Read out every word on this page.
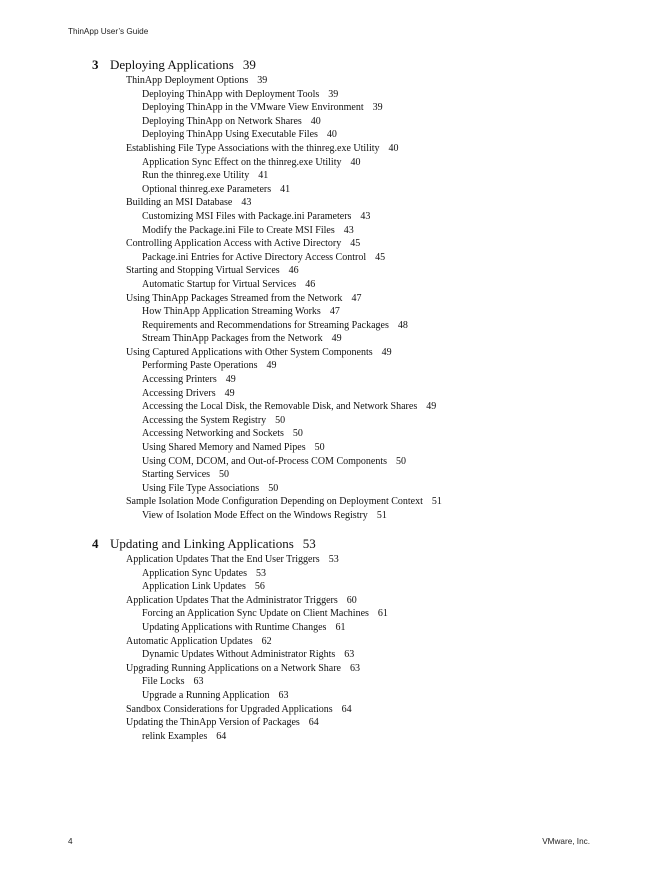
ThinApp User’s Guide
3 Deploying Applications 39
ThinApp Deployment Options 39
Deploying ThinApp with Deployment Tools 39
Deploying ThinApp in the VMware View Environment 39
Deploying ThinApp on Network Shares 40
Deploying ThinApp Using Executable Files 40
Establishing File Type Associations with the thinreg.exe Utility 40
Application Sync Effect on the thinreg.exe Utility 40
Run the thinreg.exe Utility 41
Optional thinreg.exe Parameters 41
Building an MSI Database 43
Customizing MSI Files with Package.ini Parameters 43
Modify the Package.ini File to Create MSI Files 43
Controlling Application Access with Active Directory 45
Package.ini Entries for Active Directory Access Control 45
Starting and Stopping Virtual Services 46
Automatic Startup for Virtual Services 46
Using ThinApp Packages Streamed from the Network 47
How ThinApp Application Streaming Works 47
Requirements and Recommendations for Streaming Packages 48
Stream ThinApp Packages from the Network 49
Using Captured Applications with Other System Components 49
Performing Paste Operations 49
Accessing Printers 49
Accessing Drivers 49
Accessing the Local Disk, the Removable Disk, and Network Shares 49
Accessing the System Registry 50
Accessing Networking and Sockets 50
Using Shared Memory and Named Pipes 50
Using COM, DCOM, and Out-of-Process COM Components 50
Starting Services 50
Using File Type Associations 50
Sample Isolation Mode Configuration Depending on Deployment Context 51
View of Isolation Mode Effect on the Windows Registry 51
4 Updating and Linking Applications 53
Application Updates That the End User Triggers 53
Application Sync Updates 53
Application Link Updates 56
Application Updates That the Administrator Triggers 60
Forcing an Application Sync Update on Client Machines 61
Updating Applications with Runtime Changes 61
Automatic Application Updates 62
Dynamic Updates Without Administrator Rights 63
Upgrading Running Applications on a Network Share 63
File Locks 63
Upgrade a Running Application 63
Sandbox Considerations for Upgraded Applications 64
Updating the ThinApp Version of Packages 64
relink Examples 64
4	VMware, Inc.
